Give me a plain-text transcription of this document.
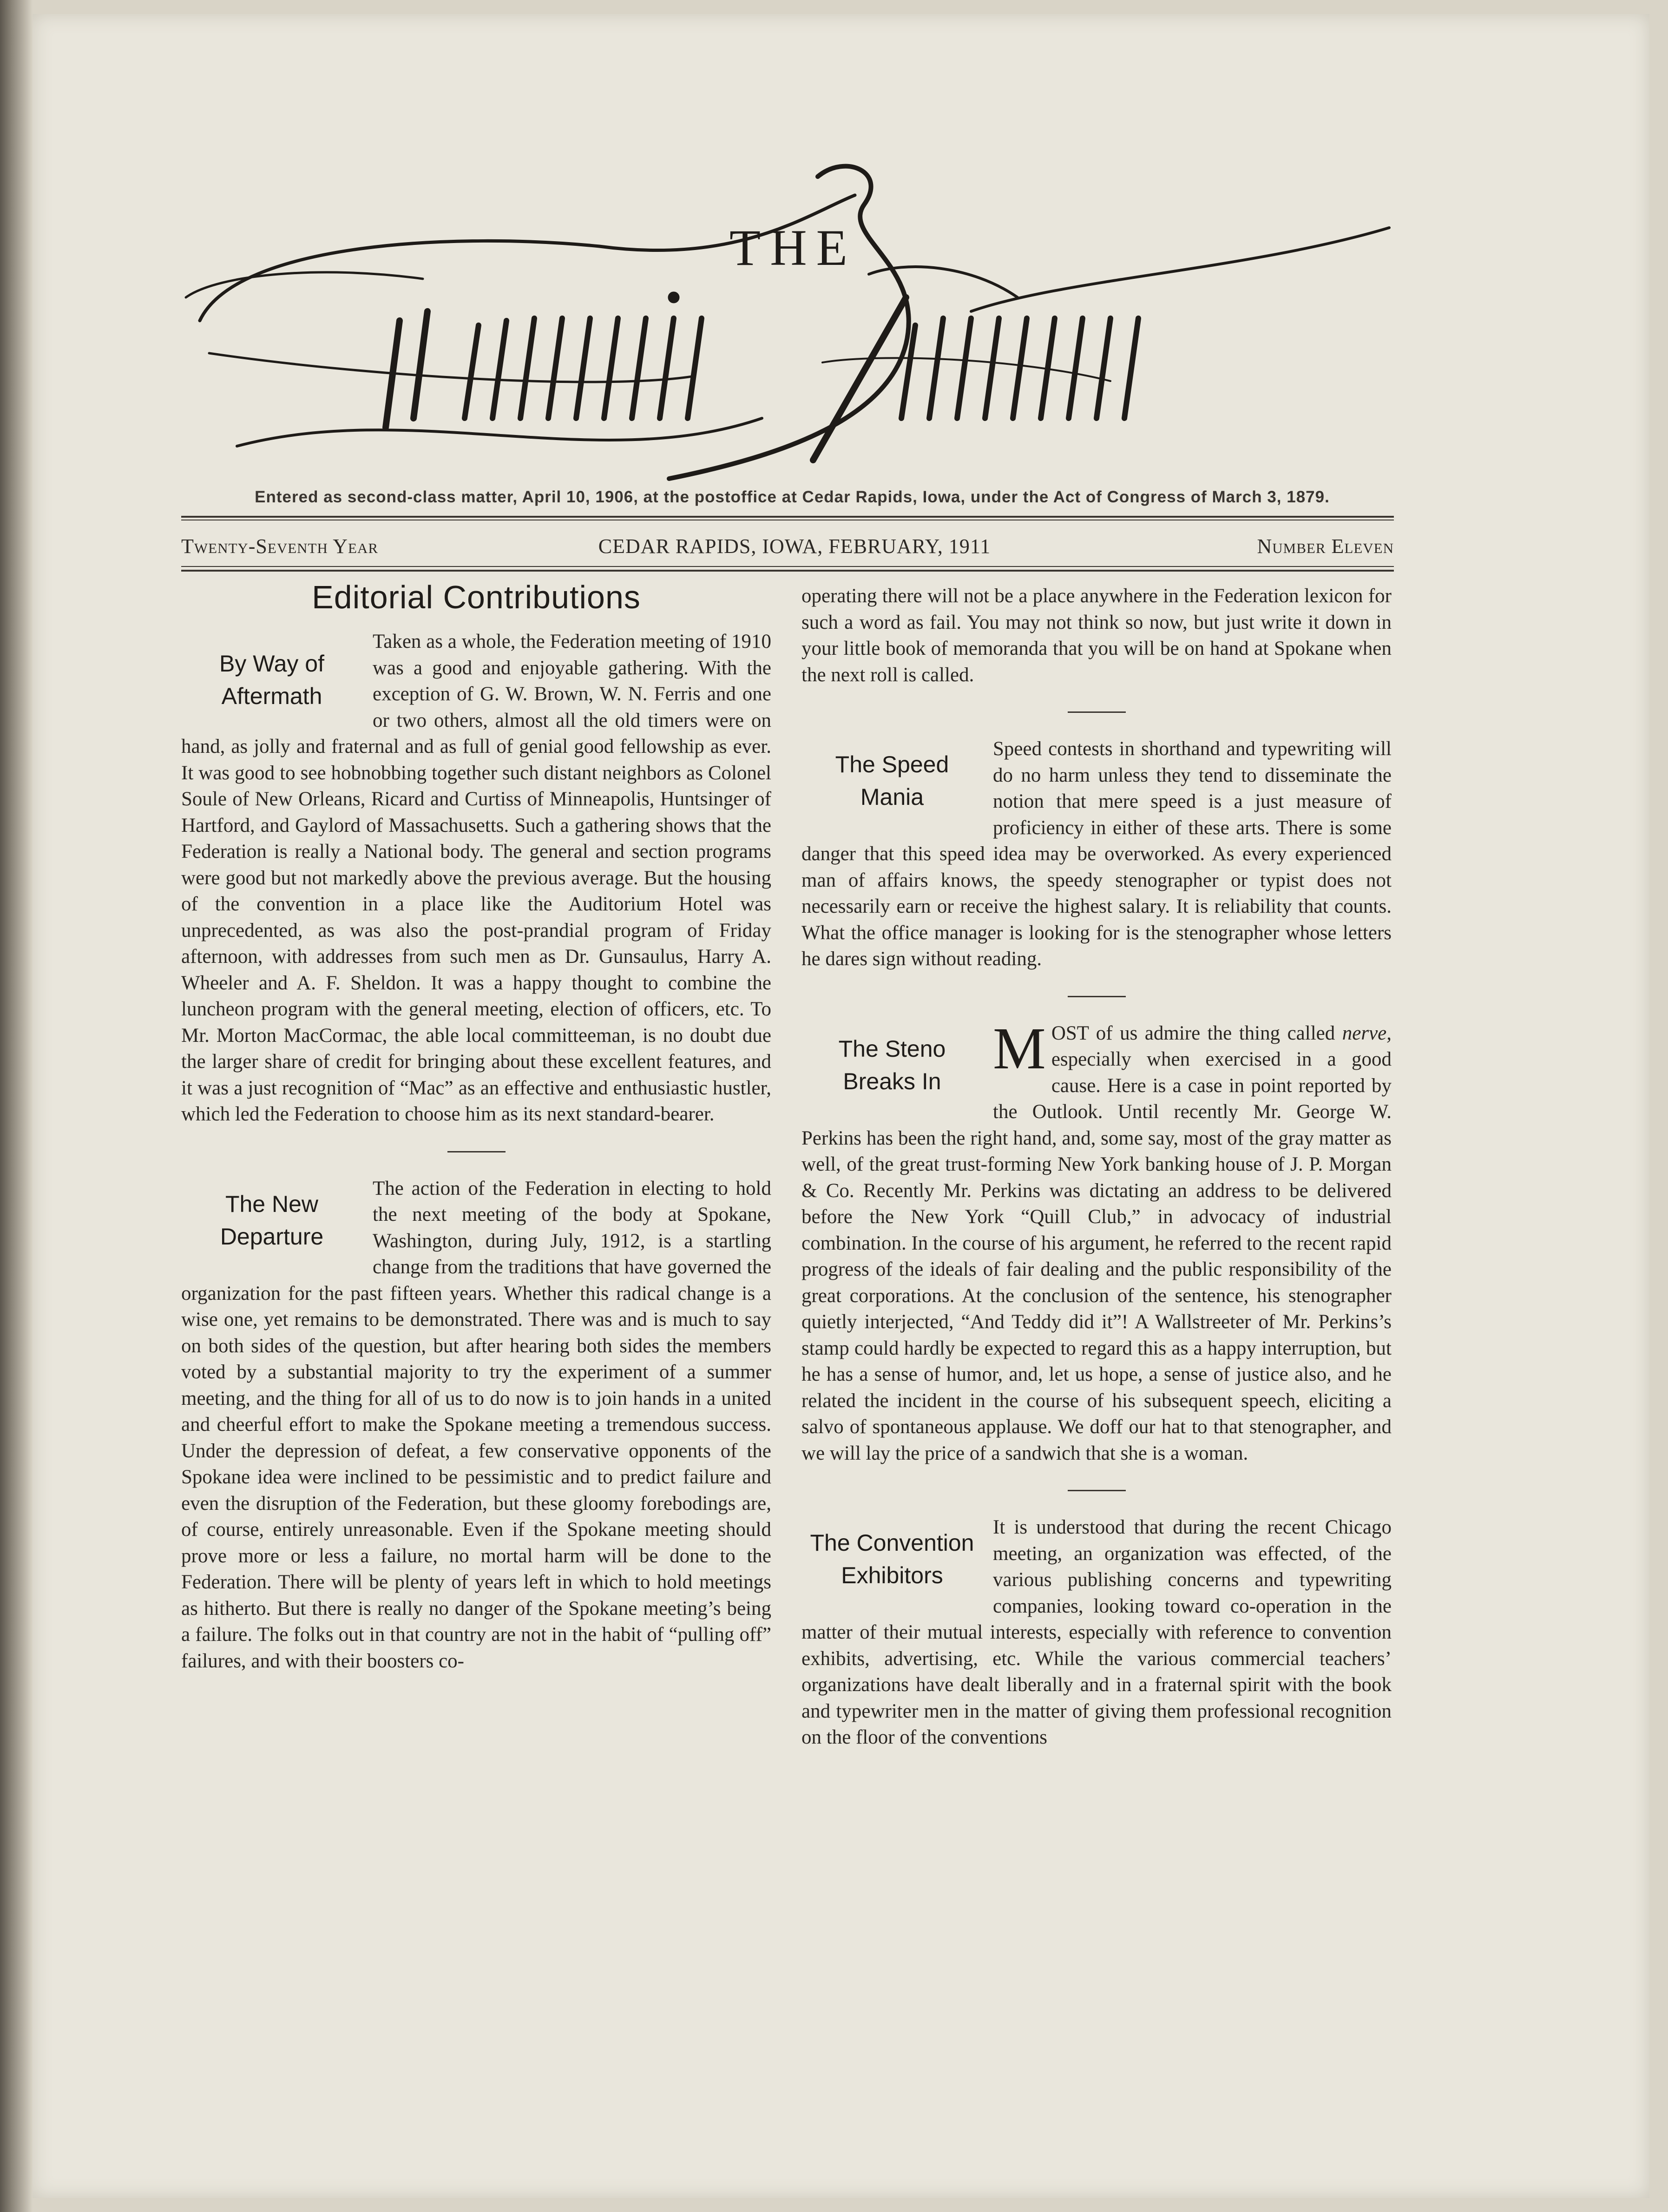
THE
Entered as second-class matter, April 10, 1906, at the postoffice at Cedar Rapids, Iowa, under the Act of Congress of March 3, 1879.
Twenty-Seventh Year	CEDAR RAPIDS, IOWA, FEBRUARY, 1911	Number Eleven
Editorial Contributions
By Way of Aftermath

Taken as a whole, the Federation meeting of 1910 was a good and enjoyable gathering. With the exception of G. W. Brown, W. N. Ferris and one or two others, almost all the old timers were on hand, as jolly and fraternal and as full of genial good fellowship as ever. It was good to see hobnobbing together such distant neighbors as Colonel Soule of New Orleans, Ricard and Curtiss of Minneapolis, Huntsinger of Hartford, and Gaylord of Massachusetts. Such a gathering shows that the Federation is really a National body. The general and section programs were good but not markedly above the previous average. But the housing of the convention in a place like the Auditorium Hotel was unprecedented, as was also the post-prandial program of Friday afternoon, with addresses from such men as Dr. Gunsaulus, Harry A. Wheeler and A. F. Sheldon. It was a happy thought to combine the luncheon program with the general meeting, election of officers, etc. To Mr. Morton MacCormac, the able local committeeman, is no doubt due the larger share of credit for bringing about these excellent features, and it was a just recognition of “Mac” as an effective and enthusiastic hustler, which led the Federation to choose him as its next standard-bearer.

The New Departure

The action of the Federation in electing to hold the next meeting of the body at Spokane, Washington, during July, 1912, is a startling change from the traditions that have governed the organization for the past fifteen years. Whether this radical change is a wise one, yet remains to be demonstrated. There was and is much to say on both sides of the question, but after hearing both sides the members voted by a substantial majority to try the experiment of a summer meeting, and the thing for all of us to do now is to join hands in a united and cheerful effort to make the Spokane meeting a tremendous success. Under the depression of defeat, a few conservative opponents of the Spokane idea were inclined to be pessimistic and to predict failure and even the disruption of the Federation, but these gloomy forebodings are, of course, entirely unreasonable. Even if the Spokane meeting should prove more or less a failure, no mortal harm will be done to the Federation. There will be plenty of years left in which to hold meetings as hitherto. But there is really no danger of the Spokane meeting’s being a failure. The folks out in that country are not in the habit of “pulling off” failures, and with their boosters co-

operating there will not be a place anywhere in the Federation lexicon for such a word as fail. You may not think so now, but just write it down in your little book of memoranda that you will be on hand at Spokane when the next roll is called.

The Speed Mania

Speed contests in shorthand and typewriting will do no harm unless they tend to disseminate the notion that mere speed is a just measure of proficiency in either of these arts. There is some danger that this speed idea may be overworked. As every experienced man of affairs knows, the speedy stenographer or typist does not necessarily earn or receive the highest salary. It is reliability that counts. What the office manager is looking for is the stenographer whose letters he dares sign without reading.

The Steno Breaks In MOST of us admire the thing called nerve, especially when exercised in a good cause. Here is a case in point reported by the Outlook. Until recently Mr. George W. Perkins has been the right hand, and, some say, most of the gray matter as well, of the great trust-forming New York banking house of J. P. Morgan & Co. Recently Mr. Perkins was dictating an address to be delivered before the New York “Quill Club,” in advocacy of industrial combination. In the course of his argument, he referred to the recent rapid progress of the ideals of fair dealing and the public responsibility of the great corporations. At the conclusion of the sentence, his stenographer quietly interjected, “And Teddy did it”! A Wallstreeter of Mr. Perkins’s stamp could hardly be expected to regard this as a happy interruption, but he has a sense of humor, and, let us hope, a sense of justice also, and he related the incident in the course of his subsequent speech, eliciting a salvo of spontaneous applause. We doff our hat to that stenographer, and we will lay the price of a sandwich that she is a woman.

The Convention Exhibitors

It is understood that during the recent Chicago meeting, an organization was effected, of the various publishing concerns and typewriting companies, looking toward co-operation in the matter of their mutual interests, especially with reference to convention exhibits, advertising, etc. While the various commercial teachers’ organizations have dealt liberally and in a fraternal spirit with the book and typewriter men in the matter of giving them professional recognition on the floor of the conventions
